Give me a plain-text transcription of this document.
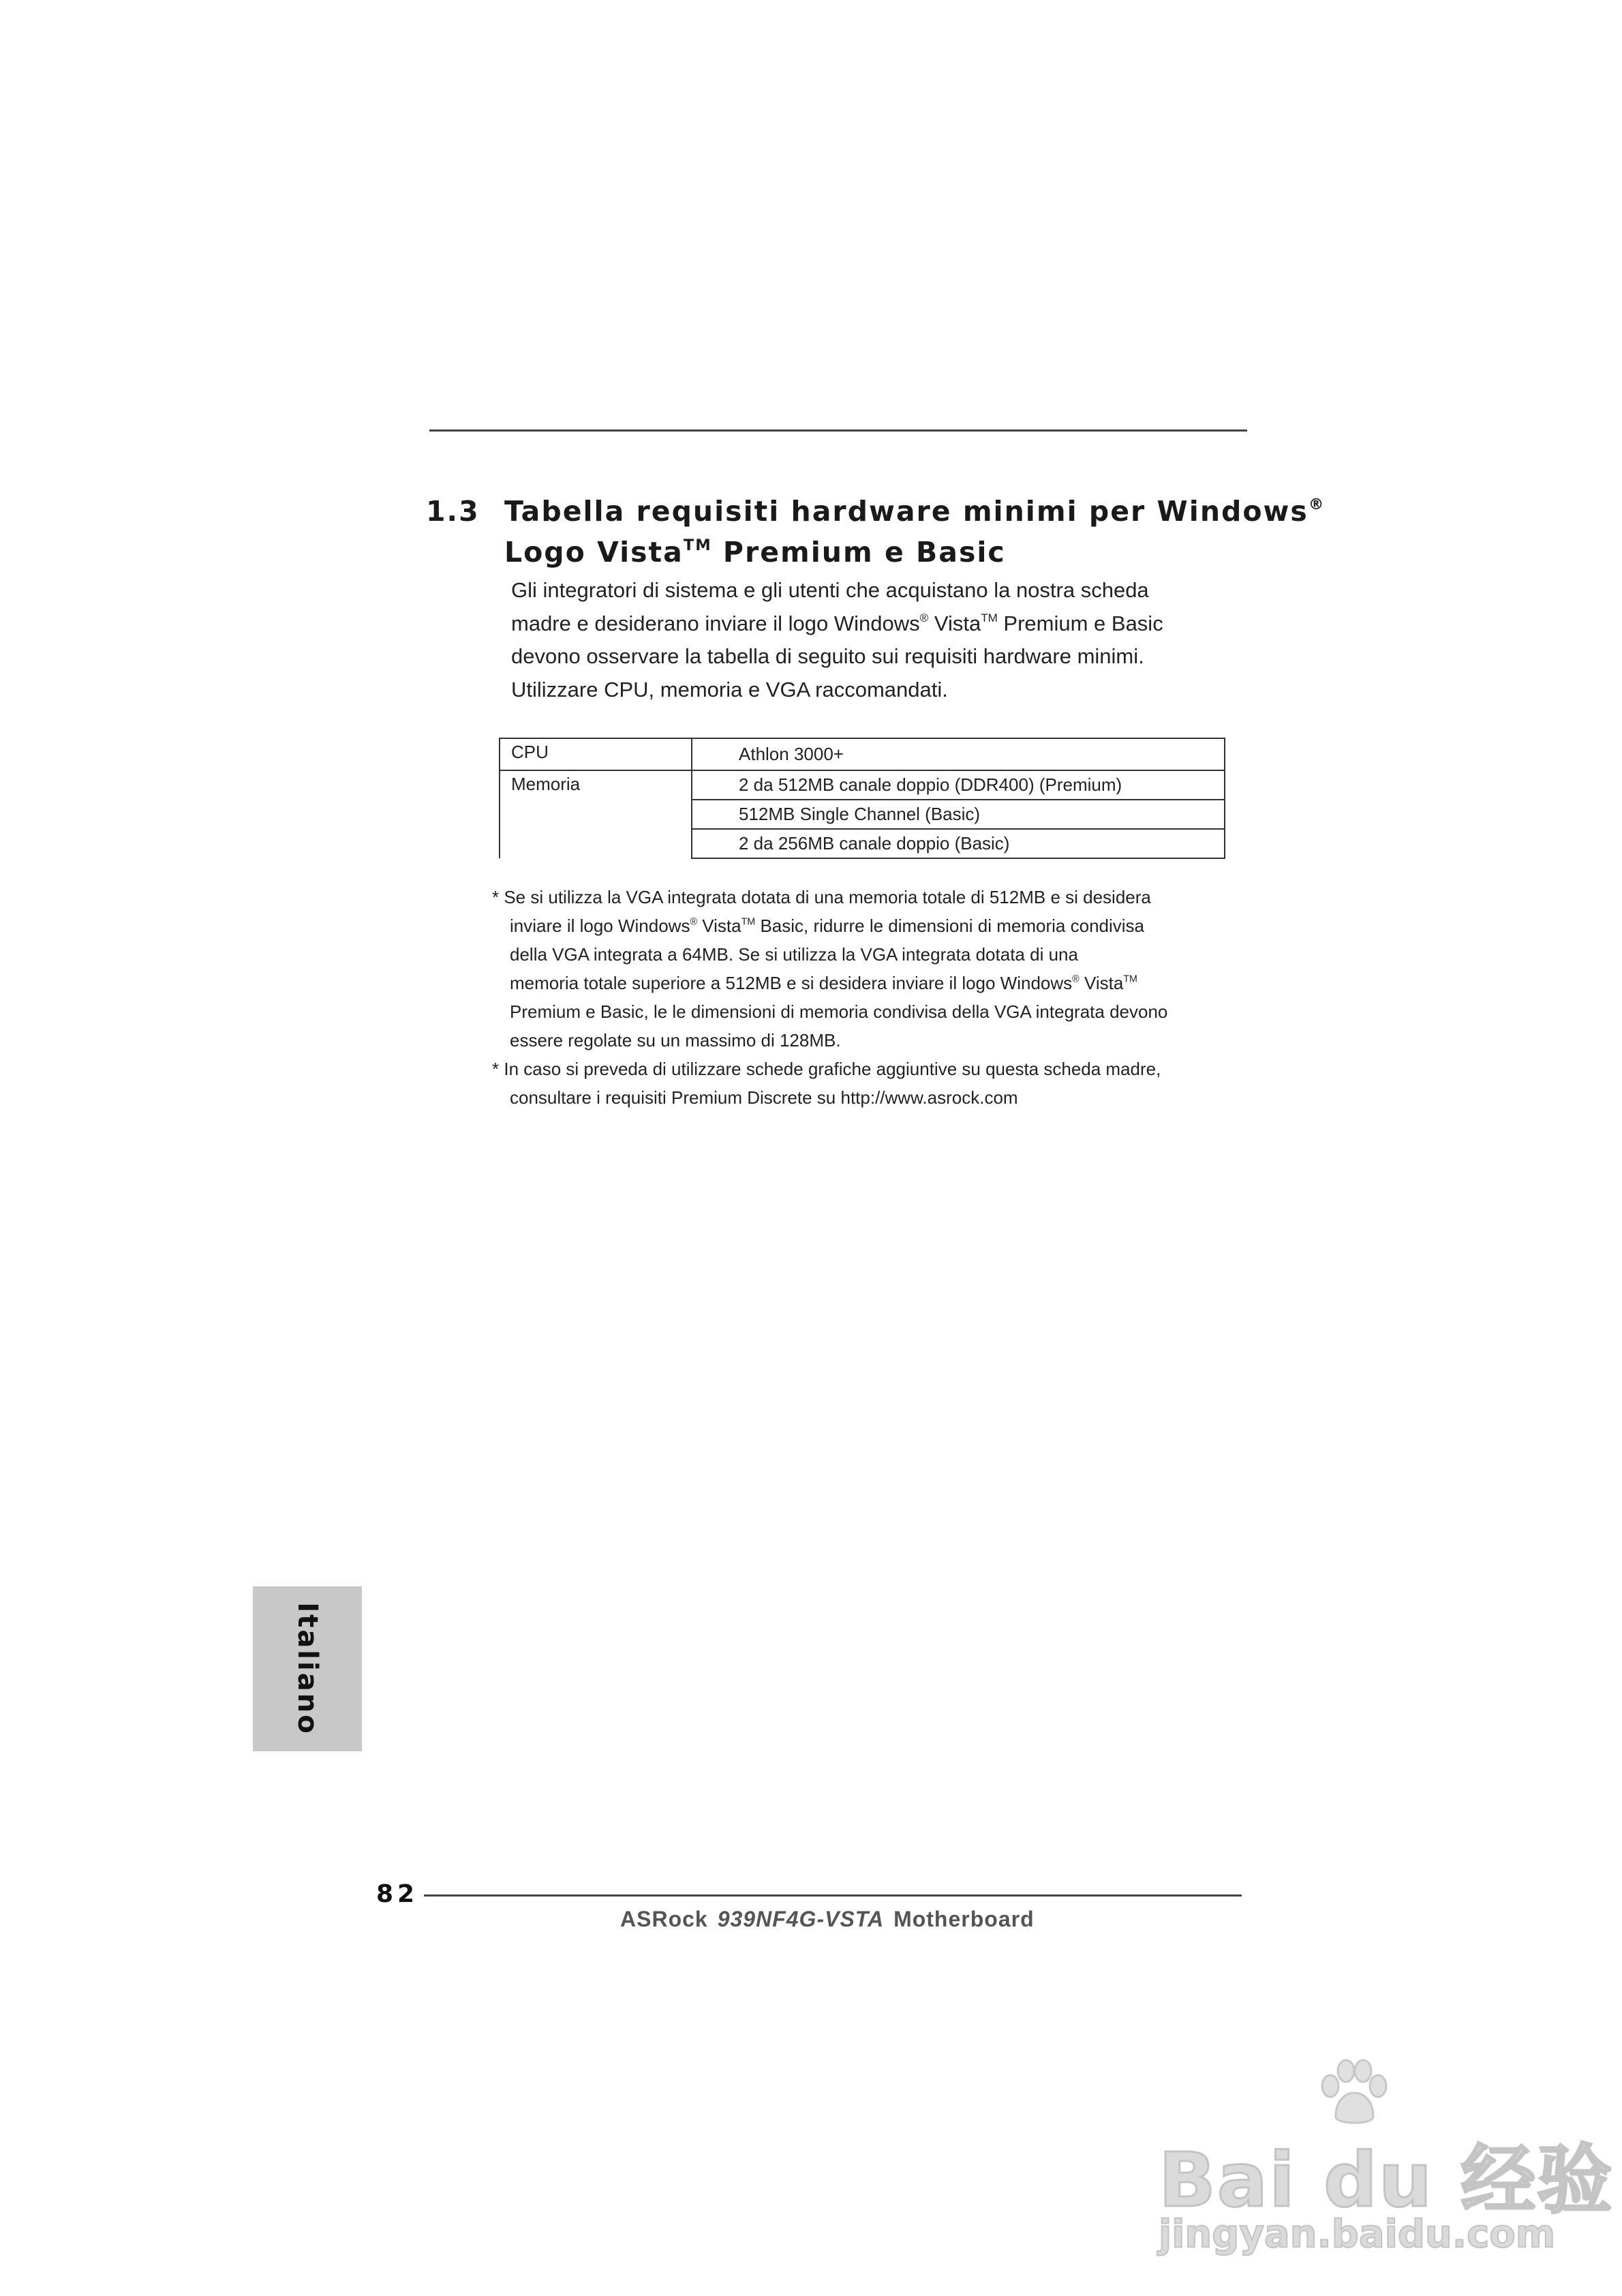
1.3 Tabella requisiti hardware minimi per Windows®
Logo Vista™ Premium e Basic

Gli integratori di sistema e gli utenti che acquistano la nostra scheda

madre e desiderano inviare il logo Windows® Vista™ Premium e Basic

devono osservare la tabella di seguito sui requisiti hardware minimi.

Utilizzare CPU, memoria e VGA raccomandati.

CPU	Athlon 3000+
Memoria	2 da 512MB canale doppio (DDR400) (Premium)
	512MB Single Channel (Basic)
	2 da 256MB canale doppio (Basic)

* Se si utilizza la VGA integrata dotata di una memoria totale di 512MB e si desidera

inviare il logo Windows® Vista™ Basic, ridurre le dimensioni di memoria condivisa

della VGA integrata a 64MB. Se si utilizza la VGA integrata dotata di una

memoria totale superiore a 512MB e si desidera inviare il logo Windows® Vista™

Premium e Basic, le le dimensioni di memoria condivisa della VGA integrata devono

essere regolate su un massimo di 128MB.

* In caso si preveda di utilizzare schede grafiche aggiuntive su questa scheda madre,

consultare i requisiti Premium Discrete su http://www.asrock.com

Italiano
82
ASRock 939NF4G-VSTA Motherboard
Bai du 经验
jingyan.baidu.com
